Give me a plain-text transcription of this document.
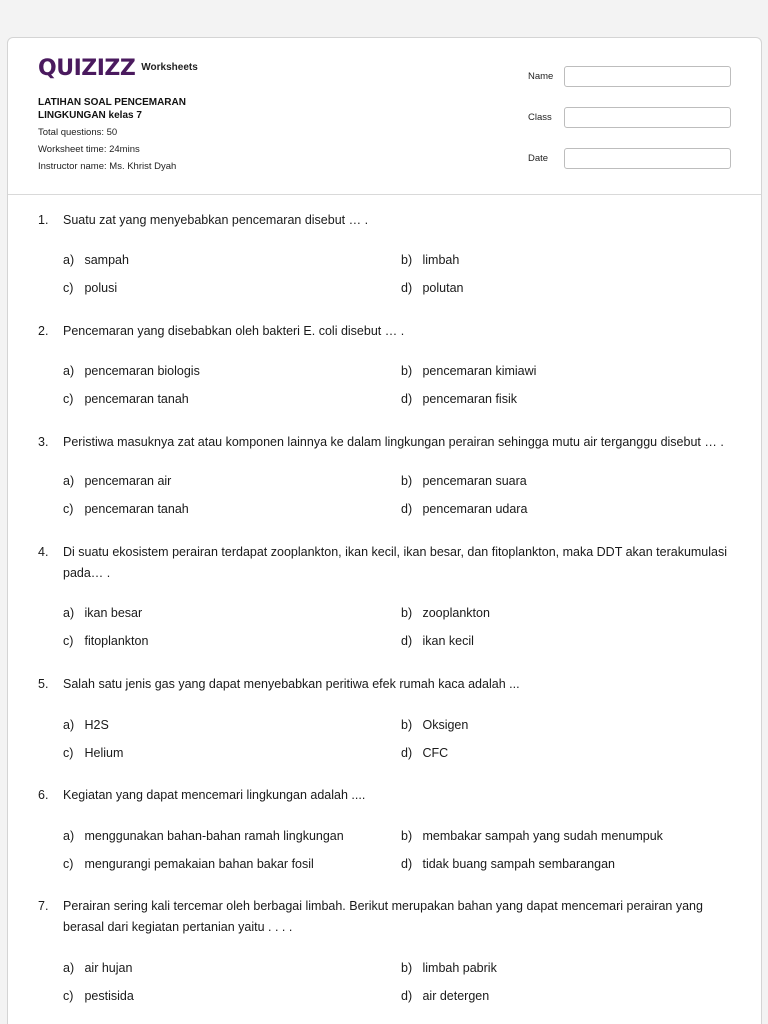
QUIZIZZ Worksheets
LATIHAN SOAL PENCEMARAN
LINGKUNGAN kelas 7
Total questions: 50
Worksheet time: 24mins
Instructor name: Ms. Khrist Dyah
Name
Class
Date
1. Suatu zat yang menyebabkan pencemaran disebut … .
a) sampah	b) limbah
c) polusi	d) polutan
2. Pencemaran yang disebabkan oleh bakteri E. coli disebut … .
a) pencemaran biologis	b) pencemaran kimiawi
c) pencemaran tanah	d) pencemaran fisik
3. Peristiwa masuknya zat atau komponen lainnya ke dalam lingkungan perairan sehingga mutu air terganggu disebut … .
a) pencemaran air	b) pencemaran suara
c) pencemaran tanah	d) pencemaran udara
4. Di suatu ekosistem perairan terdapat zooplankton, ikan kecil, ikan besar, dan fitoplankton, maka DDT akan terakumulasi pada… .
a) ikan besar	b) zooplankton
c) fitoplankton	d) ikan kecil
5. Salah satu jenis gas yang dapat menyebabkan peritiwa efek rumah kaca adalah ...
a) H2S	b) Oksigen
c) Helium	d) CFC
6. Kegiatan yang dapat mencemari lingkungan adalah ....
a) menggunakan bahan-bahan ramah lingkungan	b) membakar sampah yang sudah menumpuk
c) mengurangi pemakaian bahan bakar fosil	d) tidak buang sampah sembarangan
7. Perairan sering kali tercemar oleh berbagai limbah. Berikut merupakan bahan yang dapat mencemari perairan yang berasal dari kegiatan pertanian yaitu . . . .
a) air hujan	b) limbah pabrik
c) pestisida	d) air detergen
